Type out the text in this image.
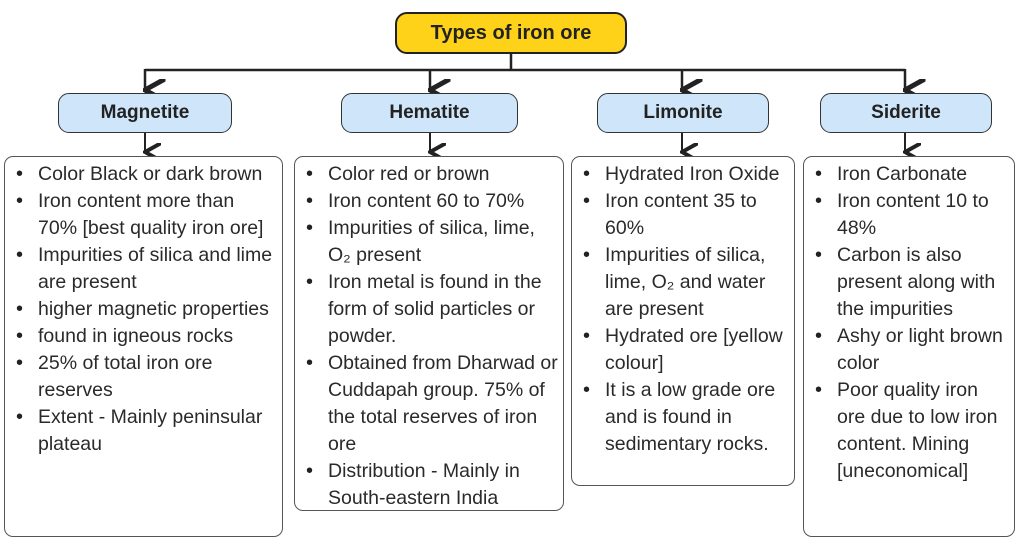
Types of iron ore
Magnetite	Hematite	Limonite	Siderite
• Color Black or dark brown
• Iron content more than 70% [best quality iron ore]
• Impurities of silica and lime are present
• higher magnetic properties
• found in igneous rocks
• 25% of total iron ore reserves
• Extent - Mainly peninsular plateau
• Color red or brown
• Iron content 60 to 70%
• Impurities of silica, lime, O₂ present
• Iron metal is found in the form of solid particles or powder.
• Obtained from Dharwad or Cuddapah group. 75% of the total reserves of iron ore
• Distribution - Mainly in South-eastern India
• Hydrated Iron Oxide
• Iron content 35 to 60%
• Impurities of silica, lime, O₂ and water are present
• Hydrated ore [yellow colour]
• It is a low grade ore and is found in sedimentary rocks.
• Iron Carbonate
• Iron content 10 to 48%
• Carbon is also present along with the impurities
• Ashy or light brown color
• Poor quality iron ore due to low iron content. Mining [uneconomical]
